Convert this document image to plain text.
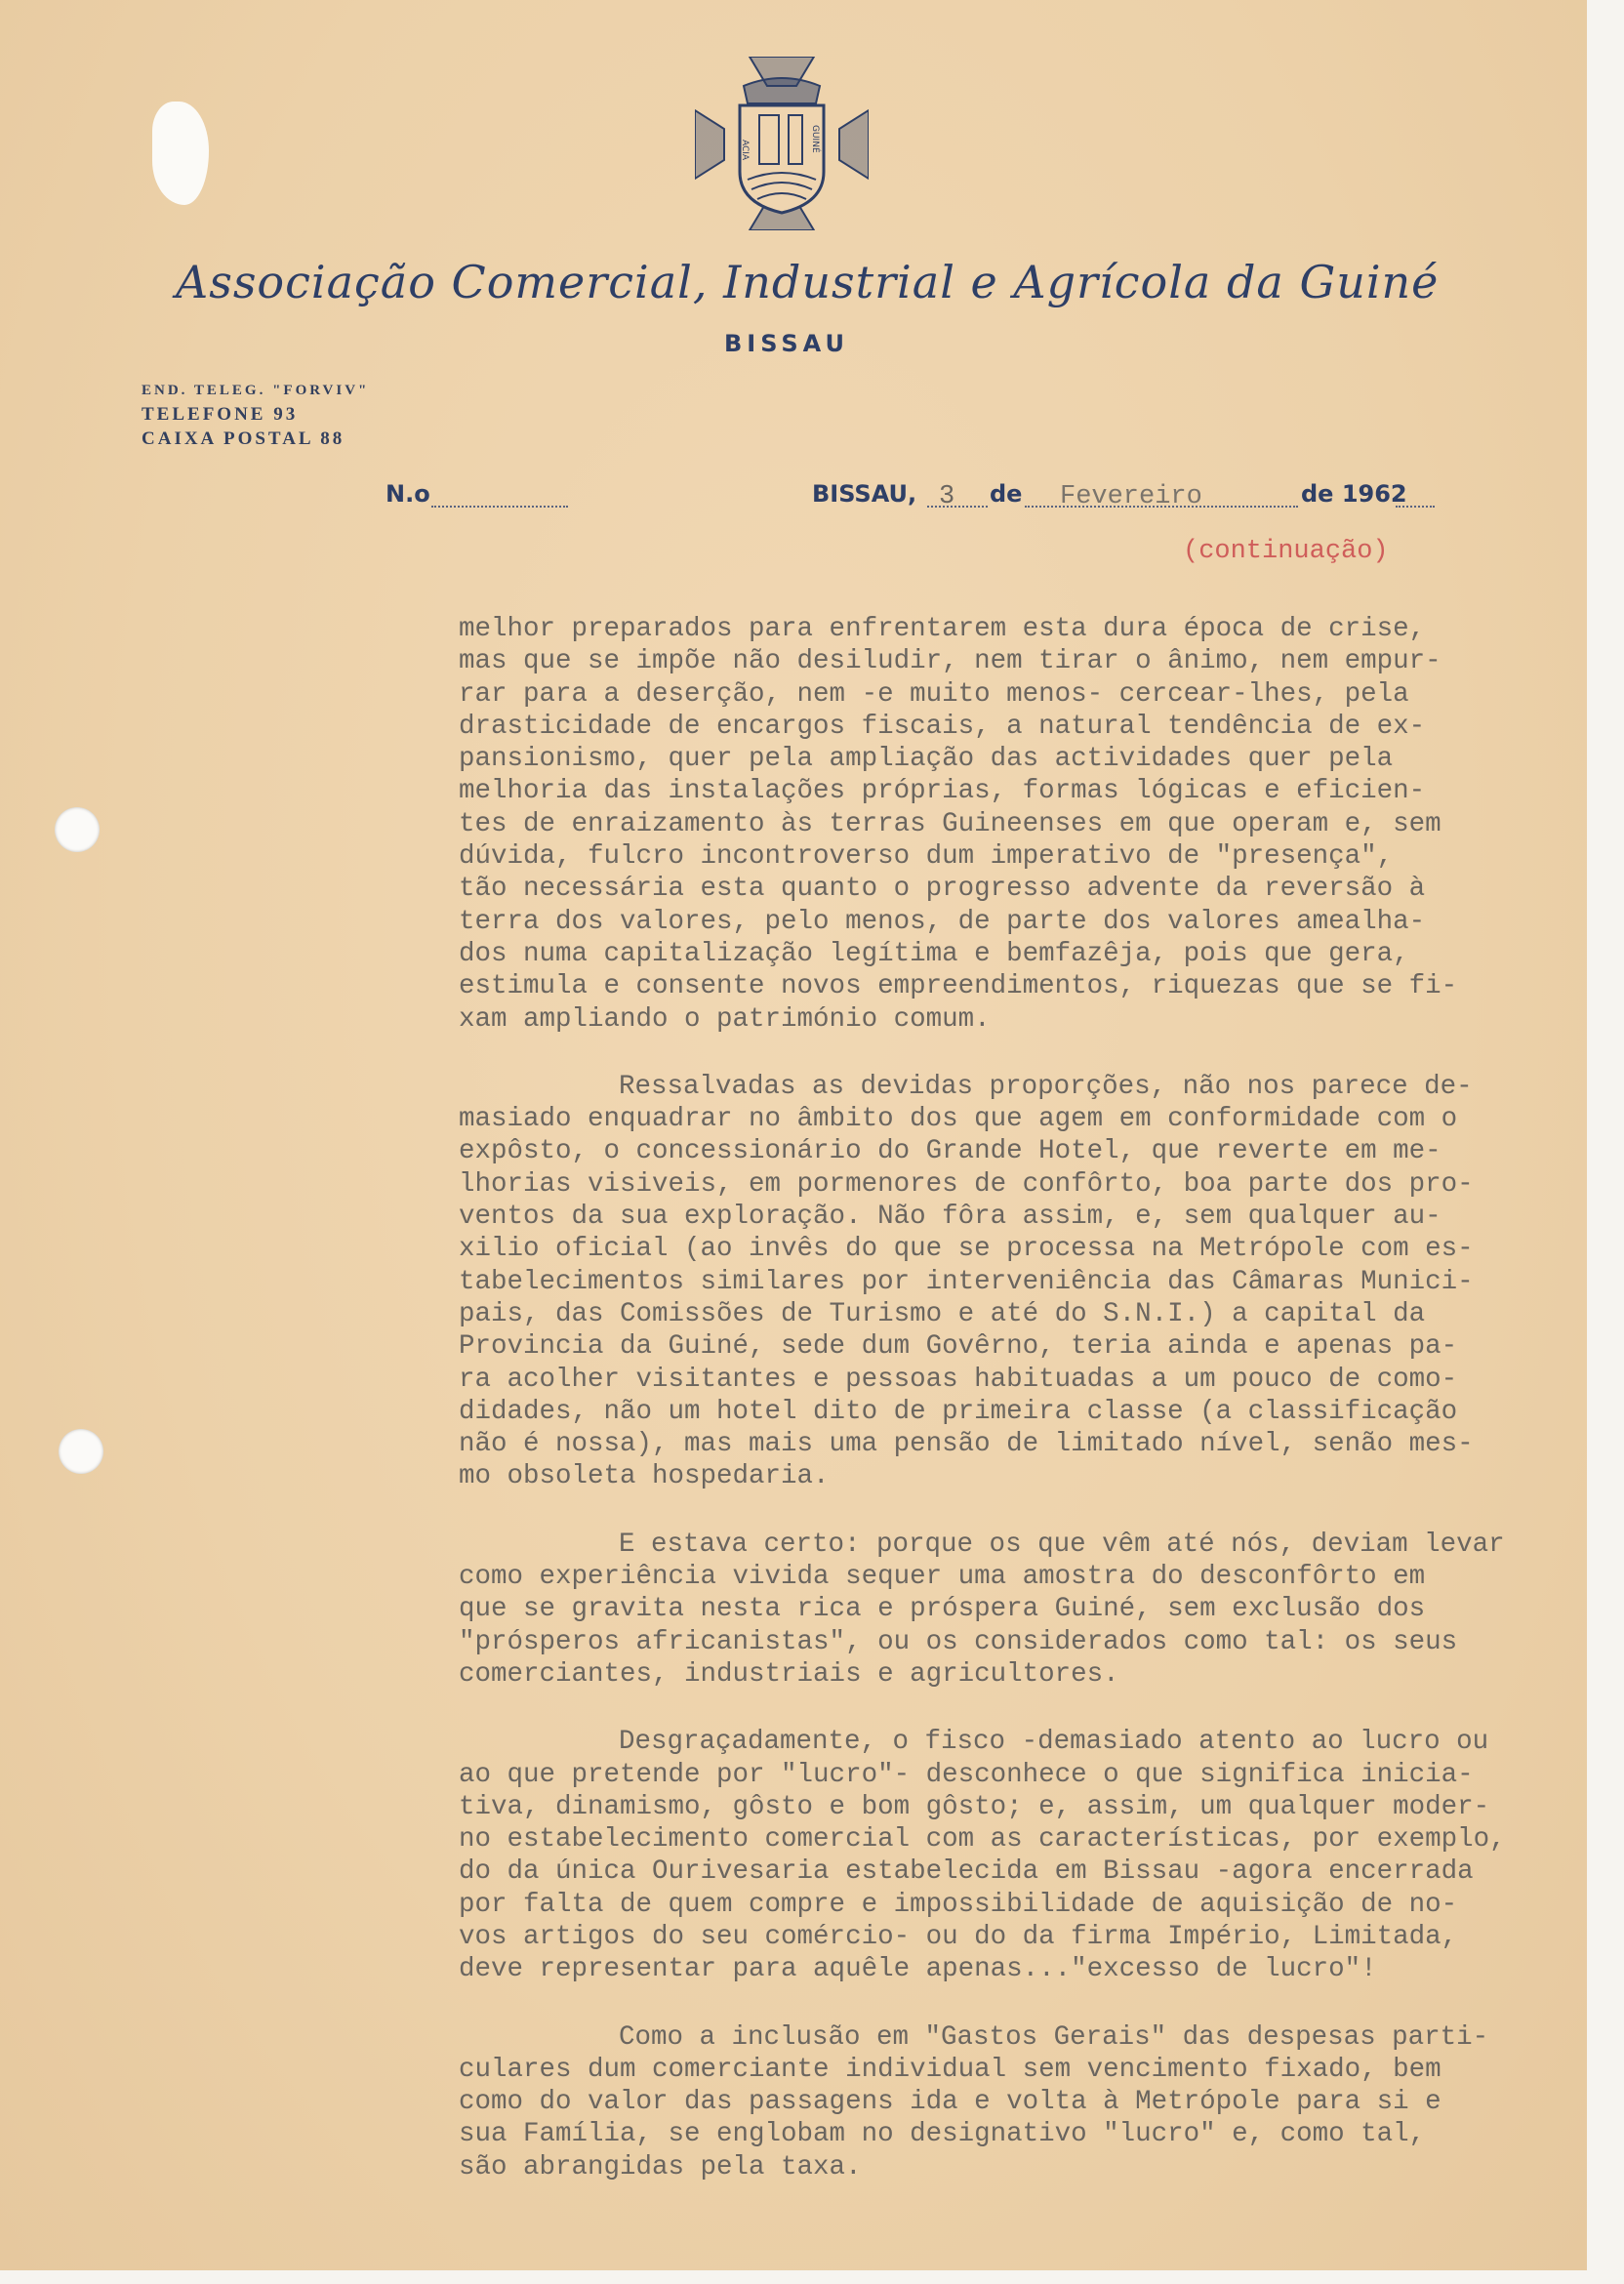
ACIA	GUINÉ
Associação Comercial, Industrial e Agrícola da Guiné
BISSAU
END. TELEG. "FORVIV"
TELEFONE 93
CAIXA POSTAL 88
N.o	BISSAU, 3 de Fevereiro	de 1962
(continuação)
melhor preparados para enfrentarem esta dura época de crise,
mas que se impõe não desiludir, nem tirar o ânimo, nem empur-
rar para a deserção, nem -e muito menos- cercear-lhes, pela
drasticidade de encargos fiscais, a natural tendência de ex-
pansionismo, quer pela ampliação das actividades quer pela
melhoria das instalações próprias, formas lógicas e eficien-
tes de enraizamento às terras Guineenses em que operam e, sem
dúvida, fulcro incontroverso dum imperativo de "presença",
tão necessária esta quanto o progresso advente da reversão à
terra dos valores, pelo menos, de parte dos valores amealha-
dos numa capitalização legítima e bemfazêja, pois que gera,
estimula e consente novos empreendimentos, riquezas que se fi-
xam ampliando o património comum.
Ressalvadas as devidas proporções, não nos parece de-
masiado enquadrar no âmbito dos que agem em conformidade com o
expôsto, o concessionário do Grande Hotel, que reverte em me-
lhorias visiveis, em pormenores de confôrto, boa parte dos pro-
ventos da sua exploração. Não fôra assim, e, sem qualquer au-
xilio oficial (ao invês do que se processa na Metrópole com es-
tabelecimentos similares por interveniência das Câmaras Munici-
pais, das Comissões de Turismo e até do S.N.I.) a capital da
Provincia da Guiné, sede dum Govêrno, teria ainda e apenas pa-
ra acolher visitantes e pessoas habituadas a um pouco de como-
didades, não um hotel dito de primeira classe (a classificação
não é nossa), mas mais uma pensão de limitado nível, senão mes-
mo obsoleta hospedaria.
E estava certo: porque os que vêm até nós, deviam levar
como experiência vivida sequer uma amostra do desconfôrto em
que se gravita nesta rica e próspera Guiné, sem exclusão dos
"prósperos africanistas", ou os considerados como tal: os seus
comerciantes, industriais e agricultores.
Desgraçadamente, o fisco -demasiado atento ao lucro ou
ao que pretende por "lucro"- desconhece o que significa inicia-
tiva, dinamismo, gôsto e bom gôsto; e, assim, um qualquer moder-
no estabelecimento comercial com as características, por exemplo,
do da única Ourivesaria estabelecida em Bissau -agora encerrada
por falta de quem compre e impossibilidade de aquisição de no-
vos artigos do seu comércio- ou do da firma Império, Limitada,
deve representar para aquêle apenas..."excesso de lucro"!
Como a inclusão em "Gastos Gerais" das despesas parti-
culares dum comerciante individual sem vencimento fixado, bem
como do valor das passagens ida e volta à Metrópole para si e
sua Família, se englobam no designativo "lucro" e, como tal,
são abrangidas pela taxa.
